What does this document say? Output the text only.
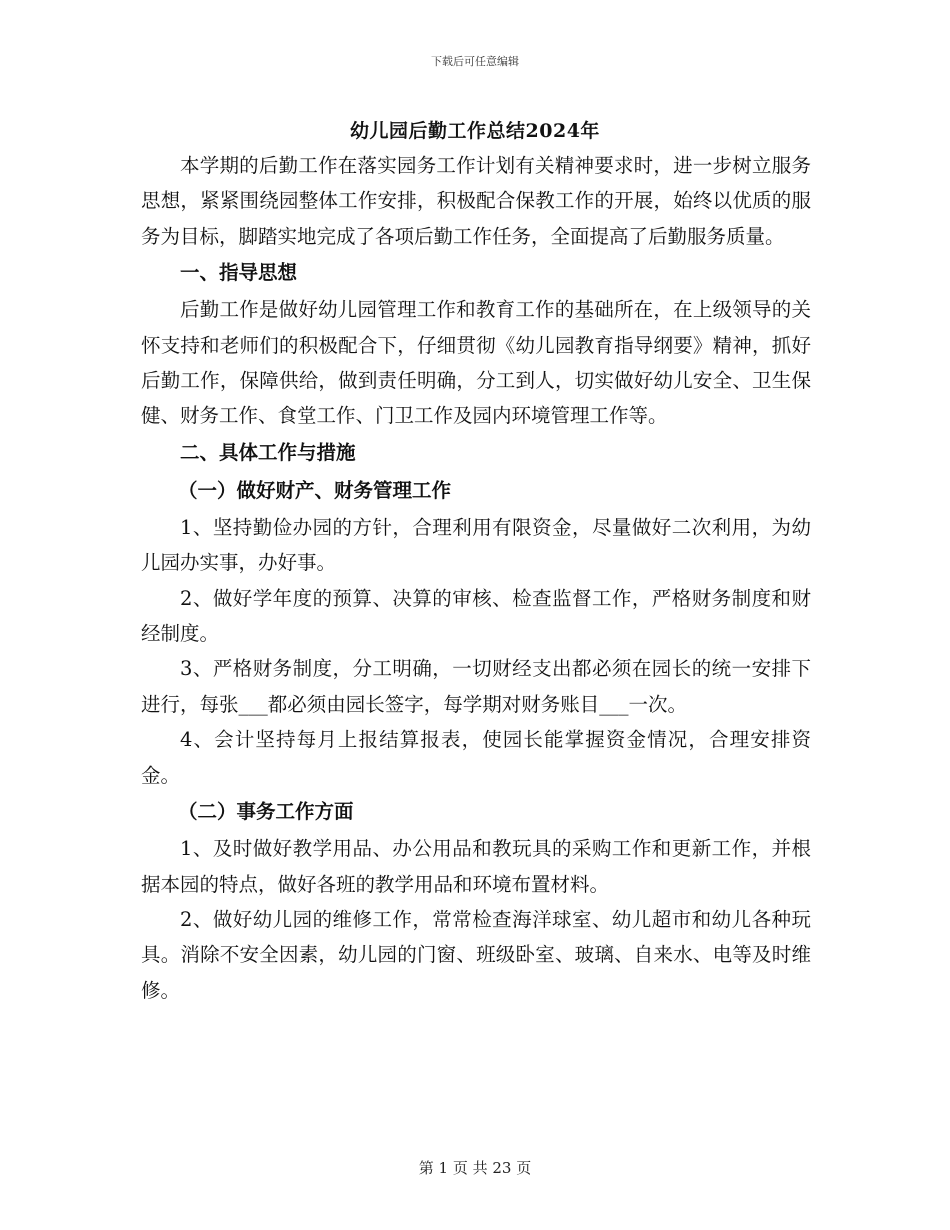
下载后可任意编辑
幼儿园后勤工作总结2024年

本学期的后勤工作在落实园务工作计划有关精神要求时，进一步树立服务思想，紧紧围绕园整体工作安排，积极配合保教工作的开展，始终以优质的服务为目标，脚踏实地完成了各项后勤工作任务，全面提高了后勤服务质量。

一、指导思想

后勤工作是做好幼儿园管理工作和教育工作的基础所在，在上级领导的关怀支持和老师们的积极配合下，仔细贯彻《幼儿园教育指导纲要》精神，抓好后勤工作，保障供给，做到责任明确，分工到人，切实做好幼儿安全、卫生保健、财务工作、食堂工作、门卫工作及园内环境管理工作等。

二、具体工作与措施

（一）做好财产、财务管理工作

1、坚持勤俭办园的方针，合理利用有限资金，尽量做好二次利用，为幼儿园办实事，办好事。

2、做好学年度的预算、决算的审核、检查监督工作，严格财务制度和财经制度。

3、严格财务制度，分工明确，一切财经支出都必须在园长的统一安排下进行，每张___都必须由园长签字，每学期对财务账目___一次。

4、会计坚持每月上报结算报表，使园长能掌握资金情况，合理安排资金。

（二）事务工作方面

1、及时做好教学用品、办公用品和教玩具的采购工作和更新工作，并根据本园的特点，做好各班的教学用品和环境布置材料。

2、做好幼儿园的维修工作，常常检查海洋球室、幼儿超市和幼儿各种玩具。消除不安全因素，幼儿园的门窗、班级卧室、玻璃、自来水、电等及时维修。

第 1 页 共 23 页
